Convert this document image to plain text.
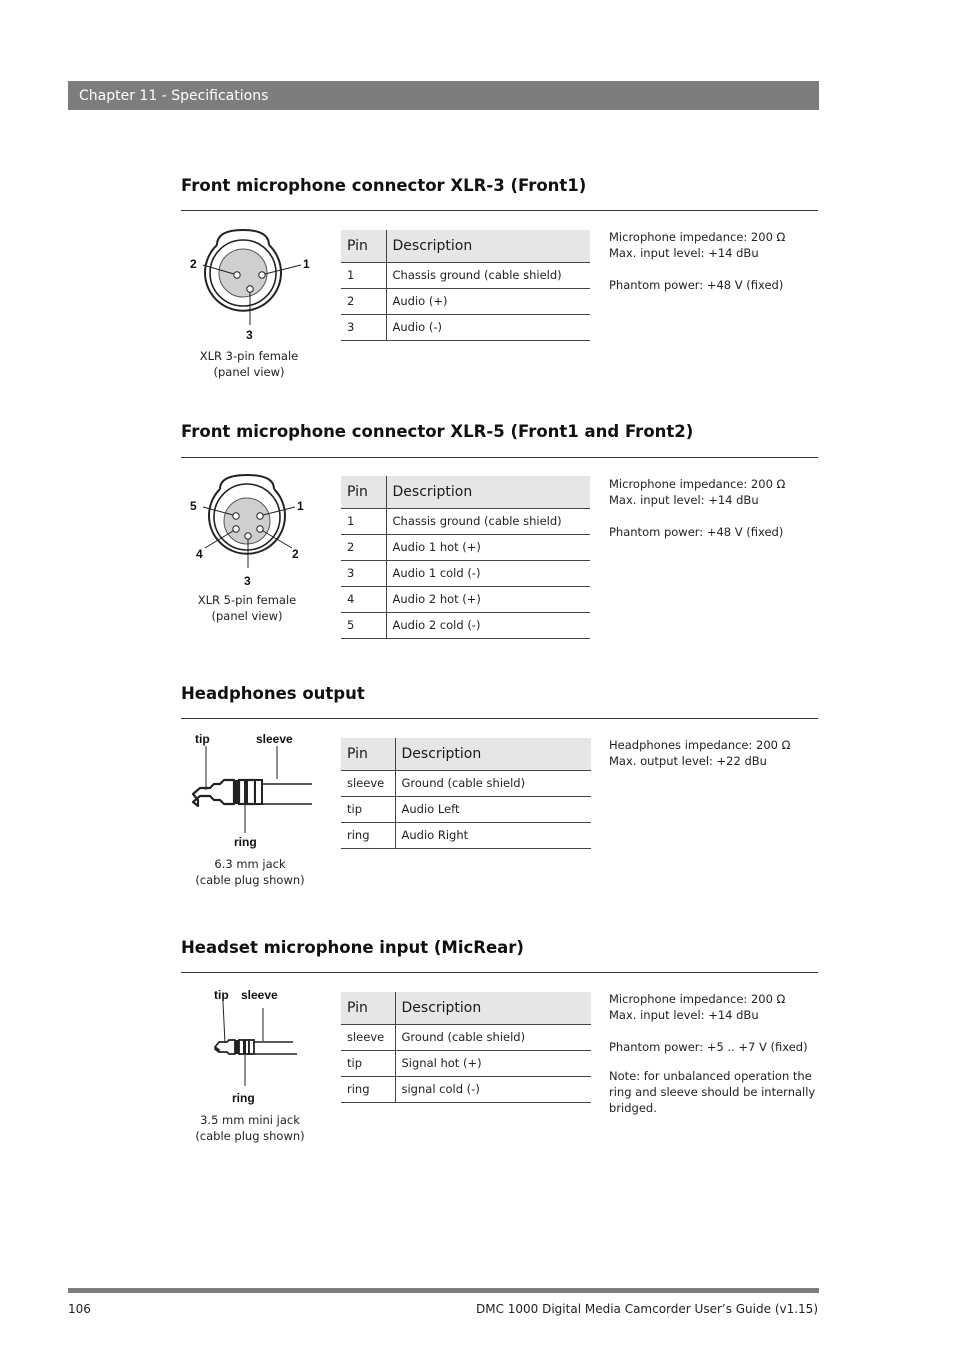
Chapter 11 - Specifications
Front microphone connector XLR-3 (Front1)
2	1
3
XLR 3-pin female
(panel view)
Pin	Description
1	Chassis ground (cable shield)
2	Audio (+)
3	Audio (-)

Microphone impedance: 200 Ω

Max. input level: +14 dBu

Phantom power: +48 V (fixed)

Front microphone connector XLR-5 (Front1 and Front2)
5	1
4	2
3
XLR 5-pin female
(panel view)
Pin	Description
1	Chassis ground (cable shield)
2	Audio 1 hot (+)
3	Audio 1 cold (-)
4	Audio 2 hot (+)
5	Audio 2 cold (-)

Microphone impedance: 200 Ω

Max. input level: +14 dBu

Phantom power: +48 V (fixed)

Headphones output
tip	sleeve
ring
6.3 mm jack
(cable plug shown)
Pin	Description
sleeve	Ground (cable shield)
tip	Audio Left
ring	Audio Right

Headphones impedance: 200 Ω

Max. output level: +22 dBu

Headset microphone input (MicRear)
tip sleeve
ring
3.5 mm mini jack
(cable plug shown)
Pin	Description
sleeve	Ground (cable shield)
tip	Signal hot (+)
ring	signal cold (-)

Microphone impedance: 200 Ω

Max. input level: +14 dBu

Phantom power: +5 .. +7 V (fixed)

Note: for unbalanced operation the ring and sleeve should be internally bridged.

106	DMC 1000 Digital Media Camcorder User’s Guide (v1.15)
